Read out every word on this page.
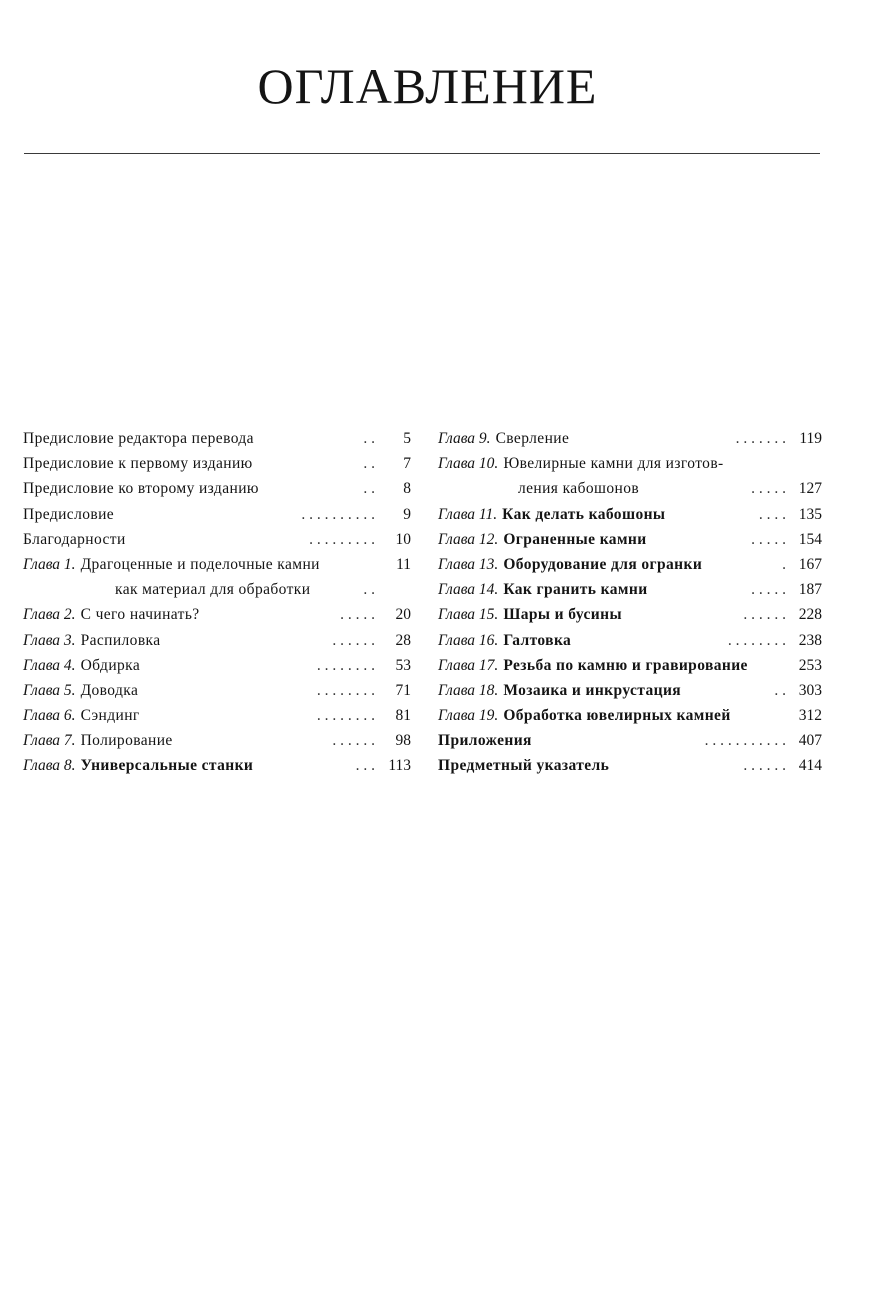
ОГЛАВЛЕНИЕ
Предисловие редактора перевода	. . 5
Предисловие к первому изданию	. . 7
Предисловие ко второму изданию	. . 8
Предисловие	. . . . . . . . . . 9
Благодарности	. . . . . . . . . 10
Глава 1. Драгоценные и поделочные камни	11
как материал для обработки	. .
Глава 2. С чего начинать?	. . . . . 20
Глава 3. Распиловка	. . . . . . 28
Глава 4. Обдирка	. . . . . . . . 53
Глава 5. Доводка	. . . . . . . . 71
Глава 6. Сэндинг	. . . . . . . . 81
Глава 7. Полирование	. . . . . . 98
Глава 8. Универсальные станки	. . . 113
Глава 9. Сверление	. . . . . . . 119
Глава 10. Ювелирные камни для изготов-
ления кабошонов	. . . . . 127
Глава 11. Как делать кабошоны	. . . . 135
Глава 12. Ограненные камни	. . . . . 154
Глава 13. Оборудование для огранки	. 167
Глава 14. Как гранить камни	. . . . . 187
Глава 15. Шары и бусины	. . . . . . 228
Глава 16. Галтовка	. . . . . . . . 238
Глава 17. Резьба по камню и гравирование	253
Глава 18. Мозаика и инкрустация	. . 303
Глава 19. Обработка ювелирных камней	312
Приложения	. . . . . . . . . . . 407
Предметный указатель	. . . . . . 414
